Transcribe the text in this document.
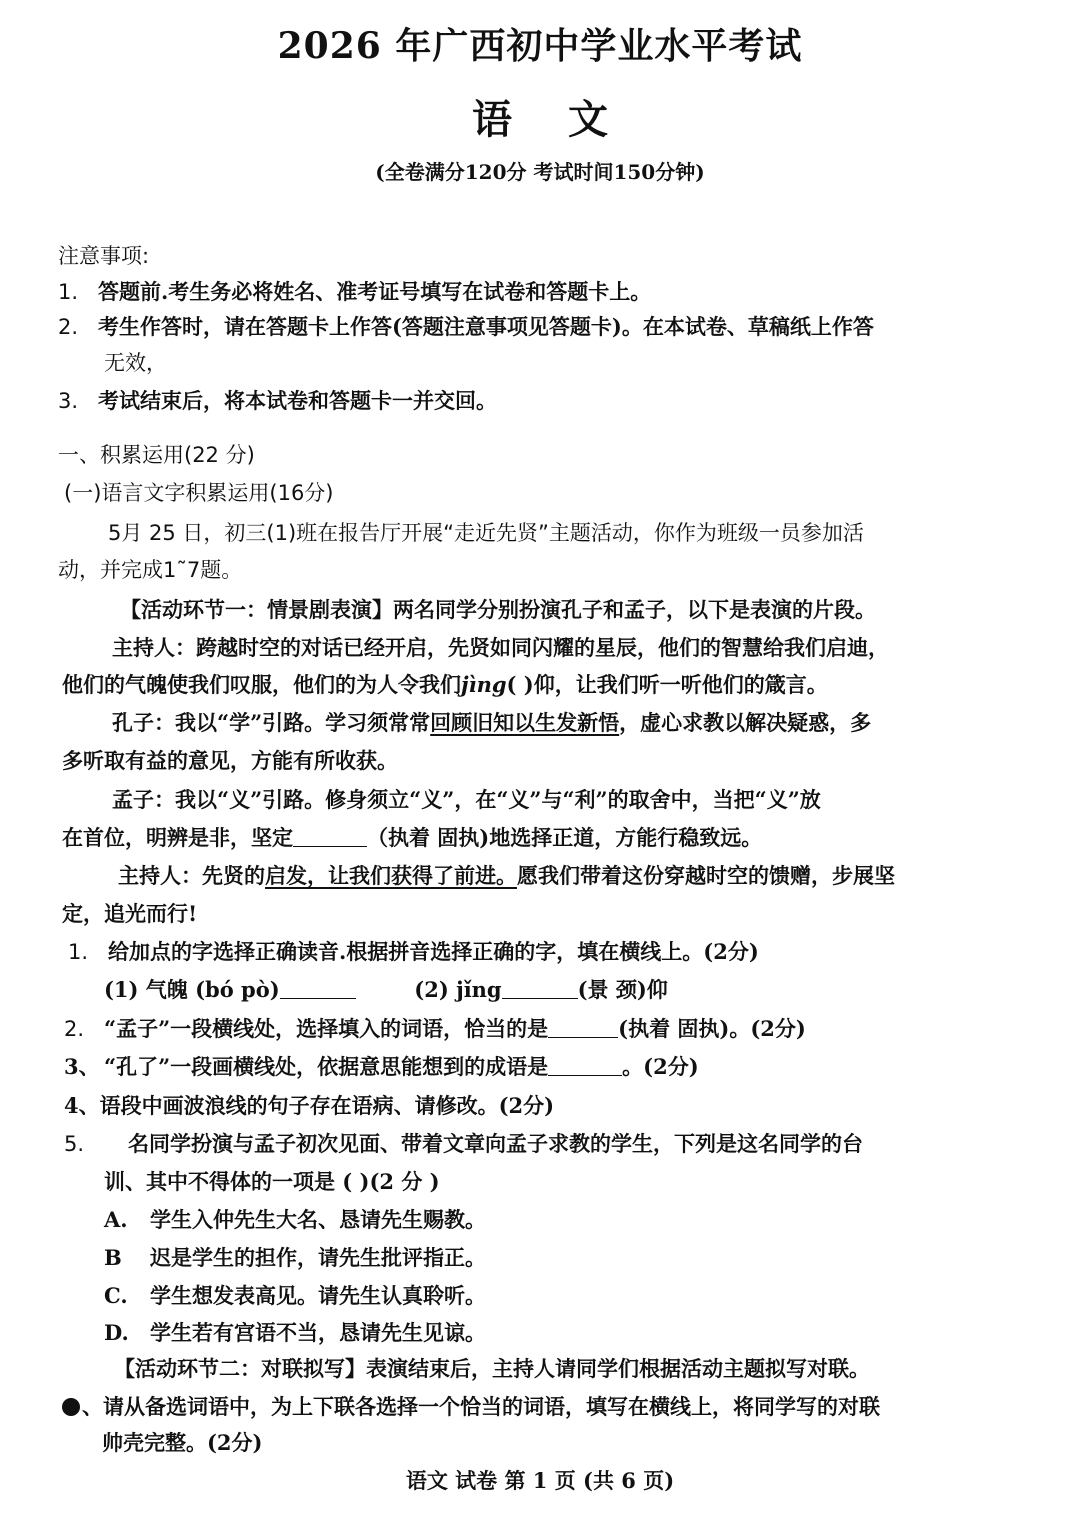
2026 年广西初中学业水平考试
语文
(全卷满分120分 考试时间150分钟)
注意事项:
1. 答题前.考生务必将姓名、准考证号填写在试卷和答题卡上。
2. 考生作答时，请在答题卡上作答(答题注意事项见答题卡)。在本试卷、草稿纸上作答
无效，
3. 考试结束后，将本试卷和答题卡一并交回。
一、积累运用(22 分)
(一)语言文字积累运用(16分)
5月 25 日，初三(1)班在报告厅开展“走近先贤”主题活动，你作为班级一员参加活
动，并完成1˜7题。
【活动环节一：情景剧表演】两名同学分别扮演孔子和孟子，以下是表演的片段。
主持人：跨越时空的对话已经开启，先贤如同闪耀的星辰，他们的智慧给我们启迪，
他们的气魄使我们叹服，他们的为人令我们jìng( )仰，让我们听一听他们的箴言。
孔子：我以“学”引路。学习须常常回顾旧知以生发新悟，虚心求教以解决疑惑，多
多听取有益的意见，方能有所收获。
孟子：我以“义”引路。修身须立“义”，在“义”与“利”的取舍中，当把“义”放
在首位，明辨是非，坚定	（执着 固执)地选择正道，方能行稳致远。
主持人：先贤的启发，让我们获得了前进。愿我们带着这份穿越时空的馈赠，步展坚
定，追光而行!
1. 给加点的字选择正确读音.根据拼音选择正确的字，填在横线上。(2分)
(1) 气魄 (bó pò)	(2) jǐng	(景 颈)仰
2. “孟子”一段横线处，选择填入的词语，恰当的是	(执着 固执)。(2分)
3、 “孔了”一段画横线处，依据意思能想到的成语是	。(2分)
4、语段中画波浪线的句子存在语病、请修改。(2分)
5. 名同学扮演与孟子初次见面、带着文章向孟子求教的学生，下列是这名同学的台
训、其中不得体的一项是 ( )(2 分 )
A. 学生入仲先生大名、恳请先生赐教。
B 迟是学生的担作，请先生批评指正。
C. 学生想发表高见。请先生认真聆听。
D. 学生若有宫语不当，恳请先生见谅。
【活动环节二：对联拟写】表演结束后，主持人请同学们根据活动主题拟写对联。
、请从备选词语中，为上下联各选择一个恰当的词语，填写在横线上，将同学写的对联
帅壳完整。(2分)
语文 试卷 第 1 页 (共 6 页)
